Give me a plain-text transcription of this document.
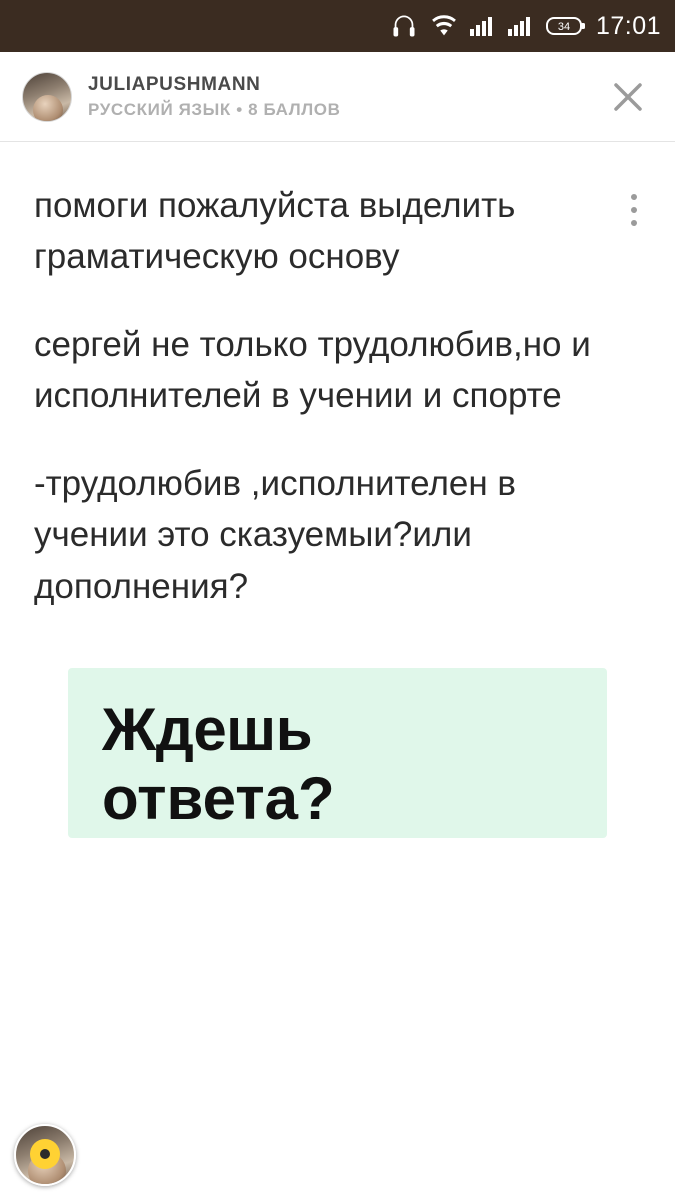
34 17:01
JULIAPUSHMANN
РУССКИЙ ЯЗЫК • 8 БАЛЛОВ
помоги пожалуйста выделить граматическую основу
сергей не только трудолюбив,но и исполнителей в учении и спорте
-трудолюбив ,исполнителен в учении это сказуемыи?или дополнения?
Ждешь
ответа?
